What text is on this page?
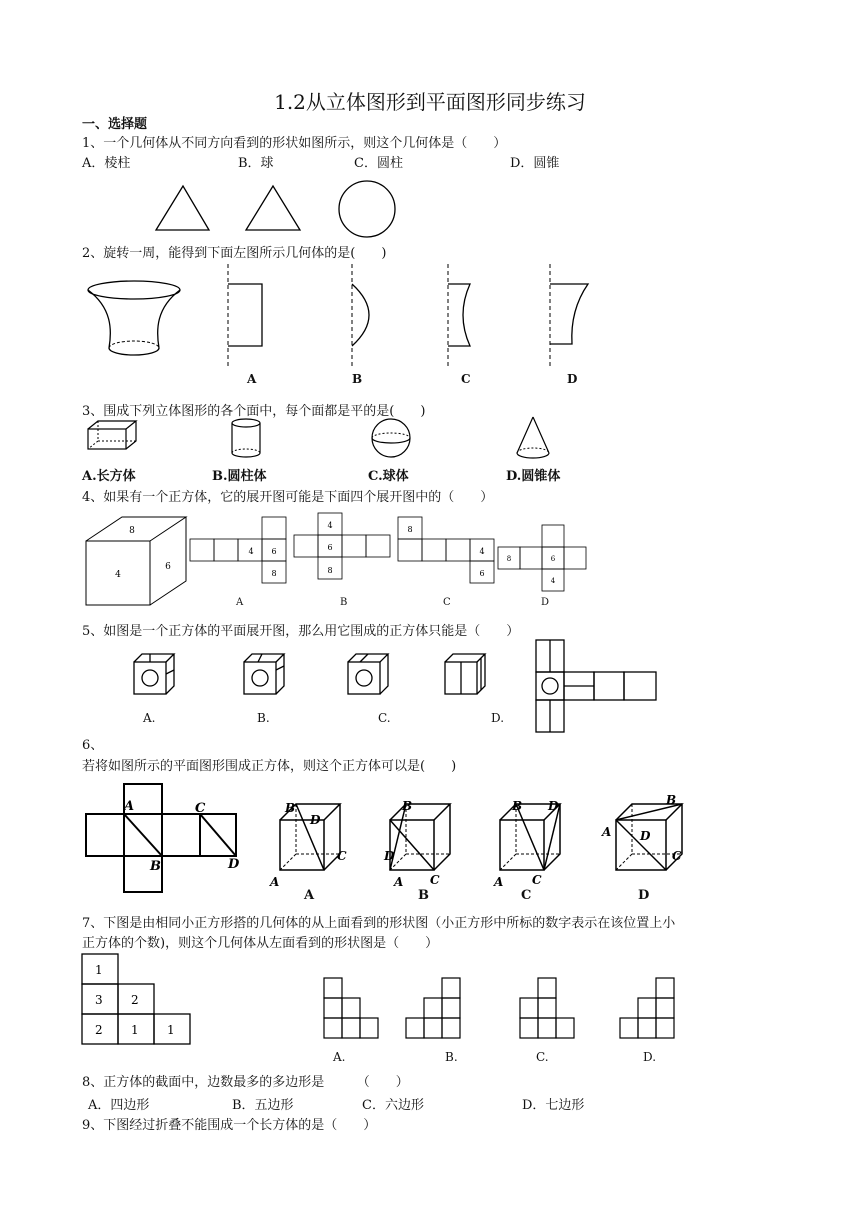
1.2从立体图形到平面图形同步练习
一、选择题
1、一个几何体从不同方向看到的形状如图所示，则这个几何体是（　　）
A．棱柱	B．球	C．圆柱	D．圆锥
2、旋转一周，能得到下面左图所示几何体的是(　　)
A	B	C	D
3、围成下列立体图形的各个面中，每个面都是平的是(　　)
A.长方体	B.圆柱体	C.球体	D.圆锥体
4、如果有一个正方体，它的展开图可能是下面四个展开图中的（　　）
8
4
6
4 6
8
4
6
8
8
4
6
8	6
4
A	B	C	D
5、如图是一个正方体的平面展开图，那么用它围成的正方体只能是（　　）
A.	B.	C.	D.
6、
若将如图所示的平面图形围成正方体，则这个正方体可以是(　　)
A
B
C
D
B
D
C
A
B
D
C
A
B D
C
A
B
D
C
A
A	B	C	D
7、下图是由相同小正方形搭的几何体的从上面看到的形状图（小正方形中所标的数字表示在该位置上小
正方体的个数)，则这个几何体从左面看到的形状图是（　　）
1
3 2
2 1 1
A.	B.	C.	D.
8、正方体的截面中，边数最多的多边形是　　　（　　）
A．四边形	B．五边形	C．六边形	D．七边形
9、下图经过折叠不能围成一个长方体的是（　　）
